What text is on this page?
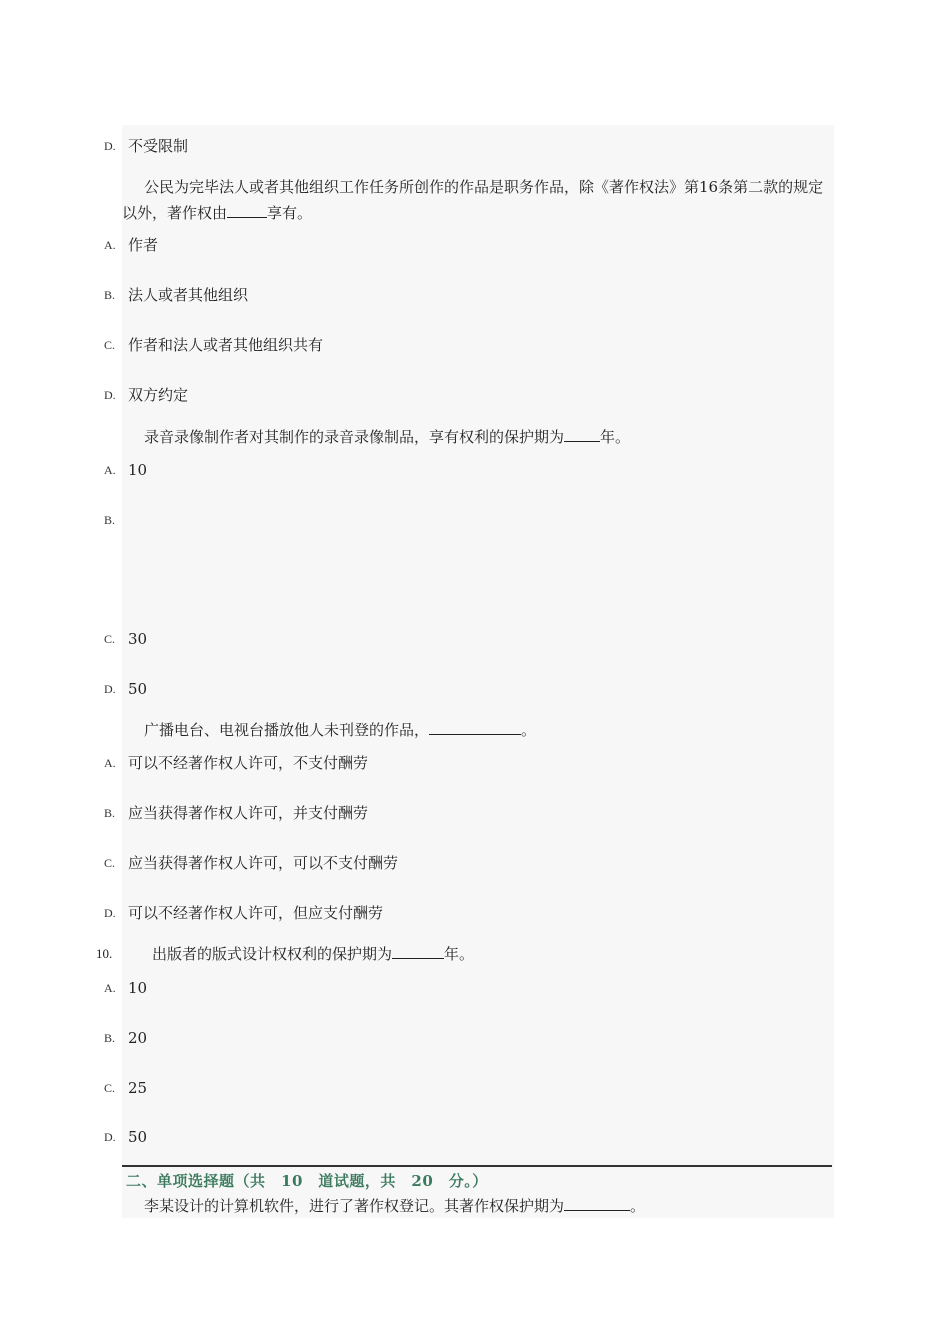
D. 不受限制
公民为完毕法人或者其他组织工作任务所创作的作品是职务作品，除《著作权法》第16条第二款的规定以外，著作权由	享有。
A. 作者
B. 法人或者其他组织
C. 作者和法人或者其他组织共有
D. 双方约定
录音录像制作者对其制作的录音录像制品，享有权利的保护期为 年。
A. 10
B.
C. 30
D. 50
广播电台、电视台播放他人未刊登的作品，	。
A. 可以不经著作权人许可，不支付酬劳
B. 应当获得著作权人许可，并支付酬劳
C. 应当获得著作权人许可，可以不支付酬劳
D. 可以不经著作权人许可，但应支付酬劳
10.	出版者的版式设计权权利的保护期为	年。
A. 10
B. 20
C. 25
D. 50
二、单项选择题（共　10　道试题，共　20　分。）
李某设计的计算机软件，进行了著作权登记。其著作权保护期为	。
